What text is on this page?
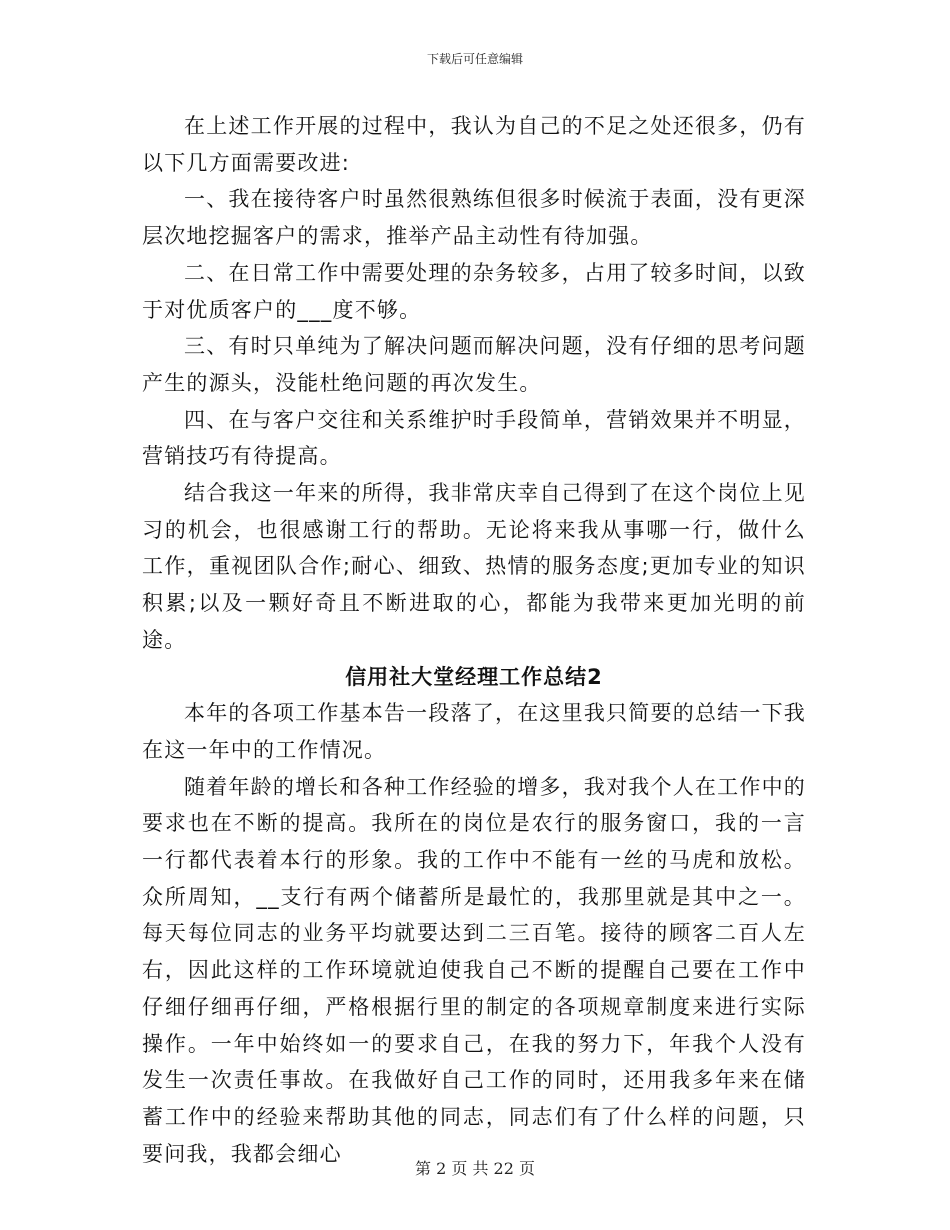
下载后可任意编辑

在上述工作开展的过程中，我认为自己的不足之处还很多，仍有以下几方面需要改进:

一、我在接待客户时虽然很熟练但很多时候流于表面，没有更深层次地挖掘客户的需求，推举产品主动性有待加强。

二、在日常工作中需要处理的杂务较多，占用了较多时间，以致于对优质客户的___度不够。

三、有时只单纯为了解决问题而解决问题，没有仔细的思考问题产生的源头，没能杜绝问题的再次发生。

四、在与客户交往和关系维护时手段简单，营销效果并不明显，营销技巧有待提高。

结合我这一年来的所得，我非常庆幸自己得到了在这个岗位上见习的机会，也很感谢工行的帮助。无论将来我从事哪一行，做什么工作，重视团队合作;耐心、细致、热情的服务态度;更加专业的知识积累;以及一颗好奇且不断进取的心，都能为我带来更加光明的前途。

信用社大堂经理工作总结2

本年的各项工作基本告一段落了，在这里我只简要的总结一下我在这一年中的工作情况。

随着年龄的增长和各种工作经验的增多，我对我个人在工作中的要求也在不断的提高。我所在的岗位是农行的服务窗口，我的一言一行都代表着本行的形象。我的工作中不能有一丝的马虎和放松。众所周知，__支行有两个储蓄所是最忙的，我那里就是其中之一。每天每位同志的业务平均就要达到二三百笔。接待的顾客二百人左右，因此这样的工作环境就迫使我自己不断的提醒自己要在工作中仔细仔细再仔细，严格根据行里的制定的各项规章制度来进行实际操作。一年中始终如一的要求自己，在我的努力下，年我个人没有发生一次责任事故。在我做好自己工作的同时，还用我多年来在储蓄工作中的经验来帮助其他的同志，同志们有了什么样的问题，只要问我，我都会细心

第 2 页 共 22 页
